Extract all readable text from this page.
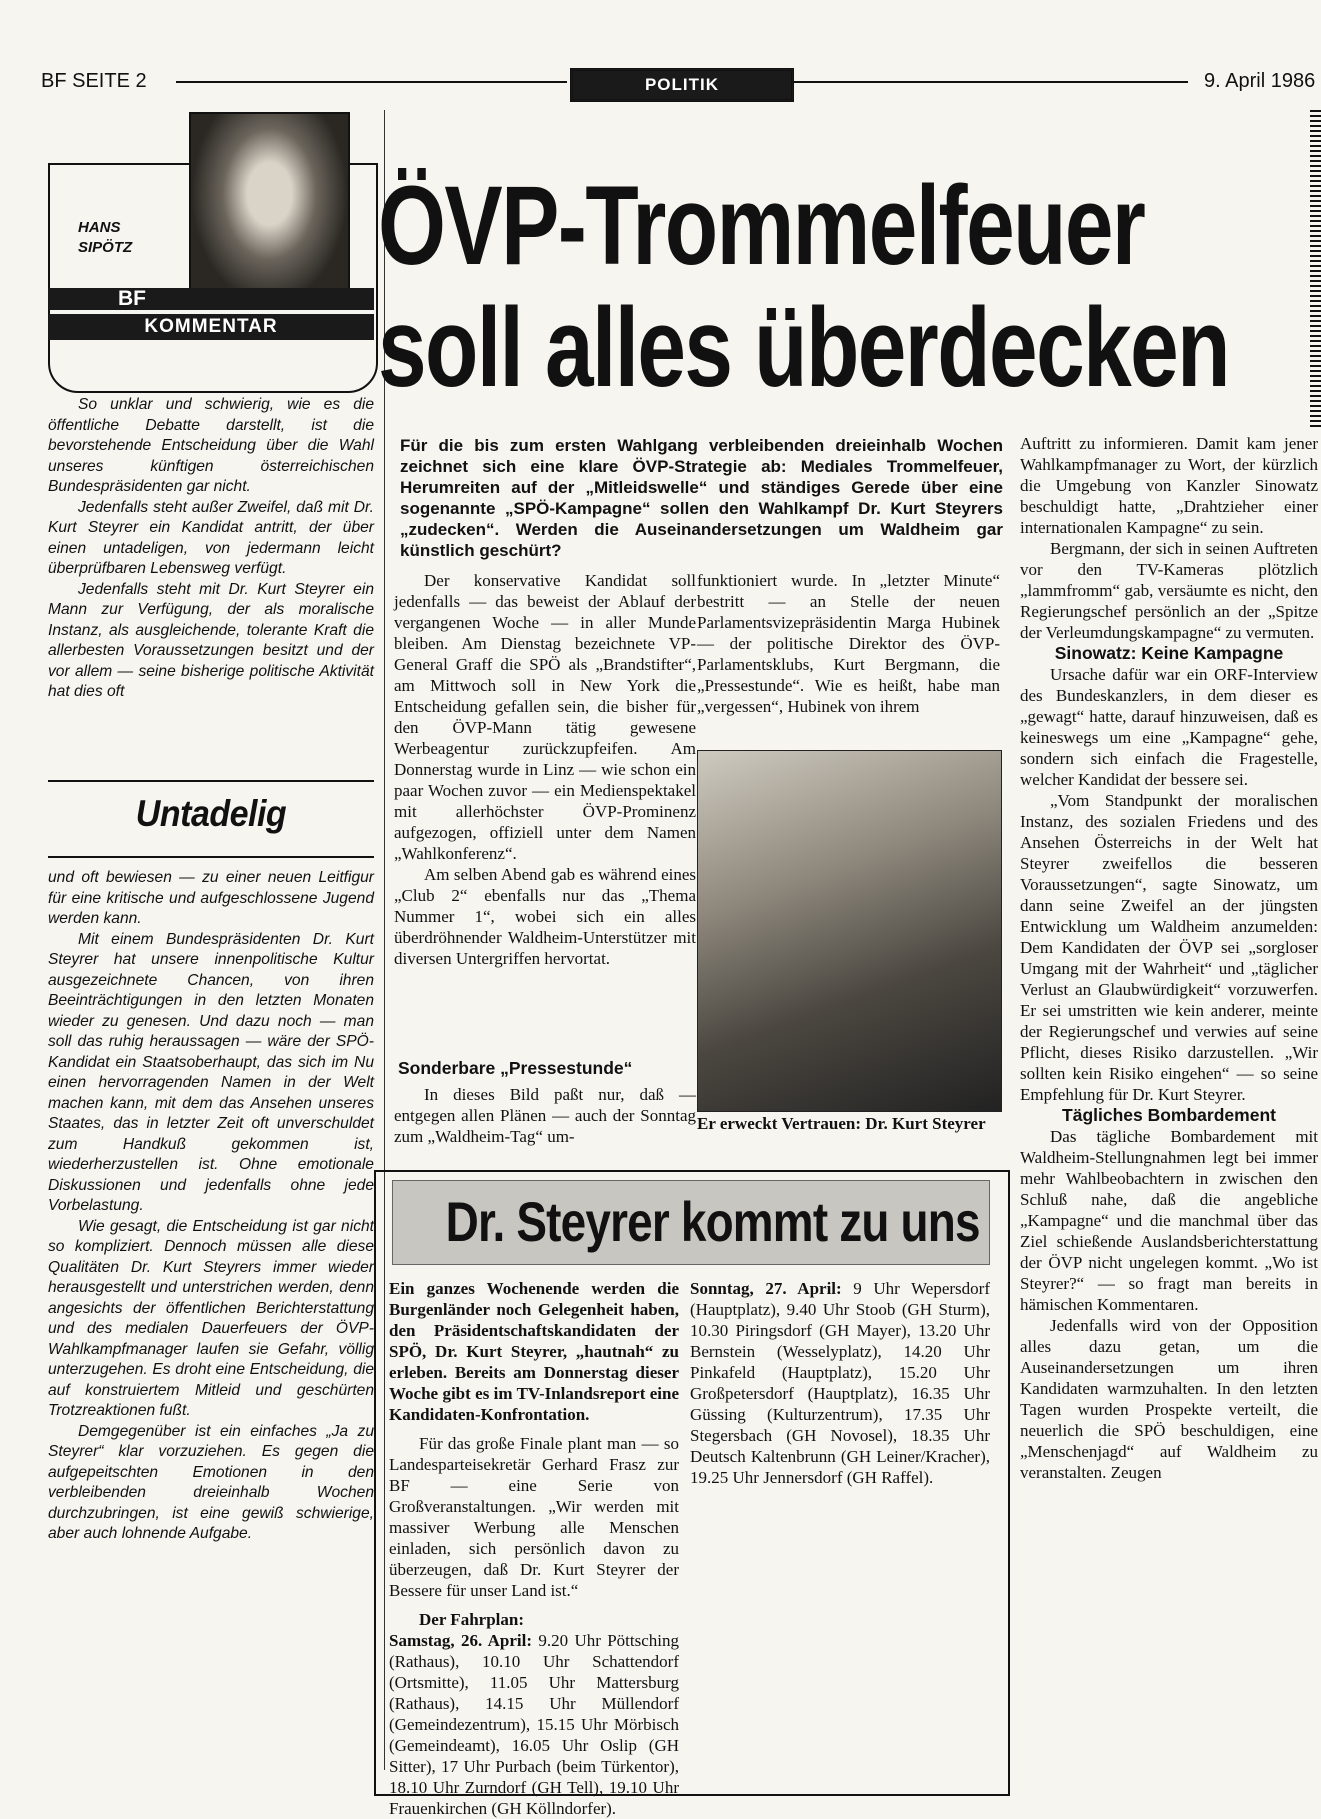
BF SEITE 2	POLITIK	9. April 1986
HANS
SIPÖTZ
BF
KOMMENTAR

So unklar und schwierig, wie es die öffentliche Debatte darstellt, ist die bevorstehende Entscheidung über die Wahl unseres künftigen österreichischen Bundespräsidenten gar nicht.

Jedenfalls steht außer Zweifel, daß mit Dr. Kurt Steyrer ein Kandidat antritt, der über einen untadeligen, von jedermann leicht überprüfbaren Lebensweg verfügt.

Jedenfalls steht mit Dr. Kurt Steyrer ein Mann zur Verfügung, der als moralische Instanz, als ausgleichende, tolerante Kraft die allerbesten Voraussetzungen besitzt und der vor allem — seine bisherige politische Aktivität hat dies oft

Untadelig

und oft bewiesen — zu einer neuen Leitfigur für eine kritische und aufgeschlossene Jugend werden kann.

Mit einem Bundespräsidenten Dr. Kurt Steyrer hat unsere innenpolitische Kultur ausgezeichnete Chancen, von ihren Beeinträchtigungen in den letzten Monaten wieder zu genesen. Und dazu noch — man soll das ruhig heraussagen — wäre der SPÖ-Kandidat ein Staatsoberhaupt, das sich im Nu einen hervorragenden Namen in der Welt machen kann, mit dem das Ansehen unseres Staates, das in letzter Zeit oft unverschuldet zum Handkuß gekommen ist, wiederherzustellen ist. Ohne emotionale Diskussionen und jedenfalls ohne jede Vorbelastung.

Wie gesagt, die Entscheidung ist gar nicht so kompliziert. Dennoch müssen alle diese Qualitäten Dr. Kurt Steyrers immer wieder herausgestellt und unterstrichen werden, denn angesichts der öffentlichen Berichterstattung und des medialen Dauerfeuers der ÖVP-Wahlkampfmanager laufen sie Gefahr, völlig unterzugehen. Es droht eine Entscheidung, die auf konstruiertem Mitleid und geschürten Trotzreaktionen fußt.

Demgegenüber ist ein einfaches „Ja zu Steyrer“ klar vorzuziehen. Es gegen die aufgepeitschten Emotionen in den verbleibenden dreieinhalb Wochen durchzubringen, ist eine gewiß schwierige, aber auch lohnende Aufgabe.

ÖVP-Trommelfeuer
soll alles überdecken
Für die bis zum ersten Wahlgang verbleibenden dreieinhalb Wochen zeichnet sich eine klare ÖVP-Strategie ab: Mediales Trommelfeuer, Herumreiten auf der „Mitleidswelle“ und ständiges Gerede über eine sogenannte „SPÖ-Kampagne“ sollen den Wahlkampf Dr. Kurt Steyrers „zudecken“. Werden die Auseinandersetzungen um Waldheim gar künstlich geschürt?

Der konservative Kandidat soll jedenfalls — das beweist der Ablauf der vergangenen Woche — in aller Munde bleiben. Am Dienstag bezeichnete VP-General Graff die SPÖ als „Brandstifter“, am Mittwoch soll in New York die Entscheidung gefallen sein, die bisher für den ÖVP-Mann tätig gewesene Werbeagentur zurückzupfeifen. Am Donnerstag wurde in Linz — wie schon ein paar Wochen zuvor — ein Medienspektakel mit allerhöchster ÖVP-Prominenz aufgezogen, offiziell unter dem Namen „Wahlkonferenz“.

Am selben Abend gab es während eines „Club 2“ ebenfalls nur das „Thema Nummer 1“, wobei sich ein alles überdröhnender Waldheim-Unterstützer mit diversen Untergriffen hervortat.

Sonderbare „Pressestunde“

In dieses Bild paßt nur, daß — entgegen allen Plänen — auch der Sonntag zum „Waldheim-Tag“ um-

funktioniert wurde. In „letzter Minute“ bestritt — an Stelle der neuen Parlamentsvizepräsidentin Marga Hubinek — der politische Direktor des ÖVP-Parlamentsklubs, Kurt Bergmann, die „Pressestunde“. Wie es heißt, habe man „vergessen“, Hubinek von ihrem

Er erweckt Vertrauen: Dr. Kurt Steyrer

Auftritt zu informieren. Damit kam jener Wahlkampfmanager zu Wort, der kürzlich die Umgebung von Kanzler Sinowatz beschuldigt hatte, „Drahtzieher einer internationalen Kampagne“ zu sein.

Bergmann, der sich in seinen Auftreten vor den TV-Kameras plötzlich „lammfromm“ gab, versäumte es nicht, den Regierungschef persönlich an der „Spitze der Verleumdungskampagne“ zu vermuten.

Sinowatz: Keine Kampagne

Ursache dafür war ein ORF-Interview des Bundeskanzlers, in dem dieser es „gewagt“ hatte, darauf hinzuweisen, daß es keineswegs um eine „Kampagne“ gehe, sondern sich einfach die Fragestelle, welcher Kandidat der bessere sei.

„Vom Standpunkt der moralischen Instanz, des sozialen Friedens und des Ansehen Österreichs in der Welt hat Steyrer zweifellos die besseren Voraussetzungen“, sagte Sinowatz, um dann seine Zweifel an der jüngsten Entwicklung um Waldheim anzumelden: Dem Kandidaten der ÖVP sei „sorgloser Umgang mit der Wahrheit“ und „täglicher Verlust an Glaubwürdigkeit“ vorzuwerfen. Er sei umstritten wie kein anderer, meinte der Regierungschef und verwies auf seine Pflicht, dieses Risiko darzustellen. „Wir sollten kein Risiko eingehen“ — so seine Empfehlung für Dr. Kurt Steyrer.

Tägliches Bombardement

Das tägliche Bombardement mit Waldheim-Stellungnahmen legt bei immer mehr Wahlbeobachtern in zwischen den Schluß nahe, daß die angebliche „Kampagne“ und die manchmal über das Ziel schießende Auslandsberichterstattung der ÖVP nicht ungelegen kommt. „Wo ist Steyrer?“ — so fragt man bereits in hämischen Kommentaren.

Jedenfalls wird von der Opposition alles dazu getan, um die Auseinandersetzungen um ihren Kandidaten warmzuhalten. In den letzten Tagen wurden Prospekte verteilt, die neuerlich die SPÖ beschuldigen, eine „Menschenjagd“ auf Waldheim zu veranstalten. Zeugen

Dr. Steyrer kommt zu uns

Ein ganzes Wochenende werden die Burgenländer noch Gelegenheit haben, den Präsidentschaftskandidaten der SPÖ, Dr. Kurt Steyrer, „hautnah“ zu erleben. Bereits am Donnerstag dieser Woche gibt es im TV-Inlandsreport eine Kandidaten-Konfrontation.

Für das große Finale plant man — so Landesparteisekretär Gerhard Frasz zur BF — eine Serie von Großveranstaltungen. „Wir werden mit massiver Werbung alle Menschen einladen, sich persönlich davon zu überzeugen, daß Dr. Kurt Steyrer der Bessere für unser Land ist.“

Der Fahrplan:

Samstag, 26. April: 9.20 Uhr Pöttsching (Rathaus), 10.10 Uhr Schattendorf (Ortsmitte), 11.05 Uhr Mattersburg (Rathaus), 14.15 Uhr Müllendorf (Gemeindezentrum), 15.15 Uhr Mörbisch (Gemeindeamt), 16.05 Uhr Oslip (GH Sitter), 17 Uhr Purbach (beim Türkentor), 18.10 Uhr Zurndorf (GH Tell), 19.10 Uhr Frauenkirchen (GH Köllndorfer).

Sonntag, 27. April: 9 Uhr Wepersdorf (Hauptplatz), 9.40 Uhr Stoob (GH Sturm), 10.30 Piringsdorf (GH Mayer), 13.20 Uhr Bernstein (Wesselyplatz), 14.20 Uhr Pinkafeld (Hauptplatz), 15.20 Uhr Großpetersdorf (Hauptplatz), 16.35 Uhr Güssing (Kulturzentrum), 17.35 Uhr Stegersbach (GH Novosel), 18.35 Uhr Deutsch Kaltenbrunn (GH Leiner/Kracher), 19.25 Uhr Jennersdorf (GH Raffel).
